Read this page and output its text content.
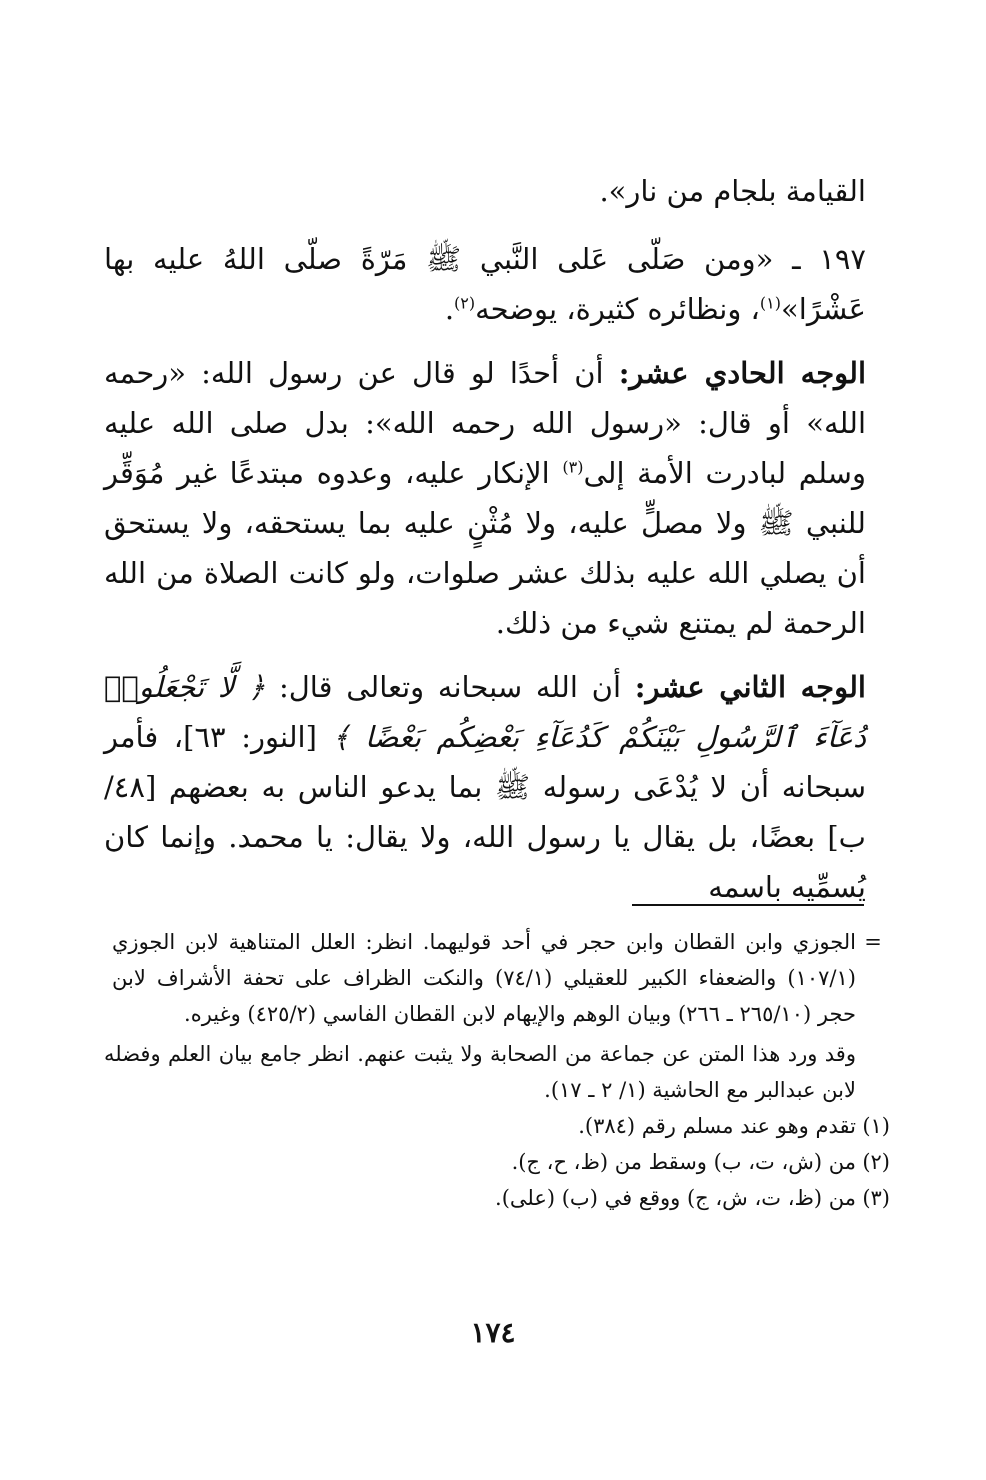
القيامة بلجام من نار».

١٩٧ ـ «ومن صَلّى عَلى النَّبي ﷺ مَرّةً صلّى اللهُ عليه بها عَشْرًا»$^{(١)}$، ونظائره كثيرة، يوضحه$^{(٢)}$.

الوجه الحادي عشر: أن أحدًا لو قال عن رسول الله: «رحمه الله» أو قال: «رسول الله رحمه الله»: بدل صلى الله عليه وسلم لبادرت الأمة إلى$^{(٣)}$ الإنكار عليه، وعدوه مبتدعًا غير مُوَقِّر للنبي ﷺ ولا مصلٍّ عليه، ولا مُثْنٍ عليه بما يستحقه، ولا يستحق أن يصلي الله عليه بذلك عشر صلوات، ولو كانت الصلاة من الله الرحمة لم يمتنع شيء من ذلك.

الوجه الثاني عشر: أن الله سبحانه وتعالى قال: ﴿ لَّا تَجْعَلُوا۟ دُعَآءَ ٱلرَّسُولِ بَيْنَكُمْ كَدُعَآءِ بَعْضِكُم بَعْضًا ﴾ [النور: ٦٣]، فأمر سبحانه أن لا يُدْعَى رسوله ﷺ بما يدعو الناس به بعضهم [٤٨/ب] بعضًا، بل يقال يا رسول الله، ولا يقال: يا محمد. وإنما كان يُسمِّيه باسمه

=
الجوزي وابن القطان وابن حجر في أحد قوليهما. انظر: العلل المتناهية لابن الجوزي (١٠٧/١) والضعفاء الكبير للعقيلي (٧٤/١) والنكت الظراف على تحفة الأشراف لابن حجر (٢٦٥/١٠ ـ ٢٦٦) وبيان الوهم والإيهام لابن القطان الفاسي (٤٢٥/٢) وغيره.
وقد ورد هذا المتن عن جماعة من الصحابة ولا يثبت عنهم. انظر جامع بيان العلم وفضله لابن عبدالبر مع الحاشية (١/ ٢ ـ ١٧).
(١)
تقدم وهو عند مسلم رقم (٣٨٤).
(٢)
من (ش، ت، ب) وسقط من (ظ، ح، ج).
(٣)
من (ظ، ت، ش، ج) ووقع في (ب) (على).
١٧٤
